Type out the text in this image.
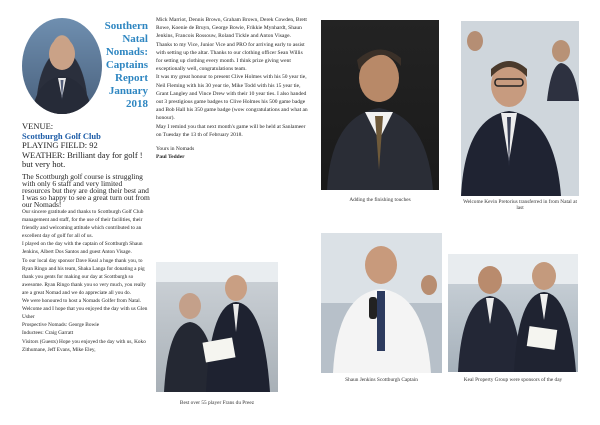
Southern
Natal
Nomads:
Captains
Report
January
2018
VENUE:
Scottburgh Golf Club
PLAYING FIELD: 92
WEATHER: Brilliant day for golf ! but very hot.

The Scottburgh golf course is struggling with only 6 staff and very limited resources but they are doing their best and I was so happy to see a great turn out from our Nomads!

Our sincere gratitude and thanks to Scottburgh Golf Club management and staff, for the use of their facilities, their friendly and welcoming attitude which contributed to an excellent day of golf for all of us.

I played on the day with the captain of Scottburgh Shaun Jenkins, Albert Dos Santos and guest Anton Visage.

To our local day sponsor Dave Keal a huge thank you, to Ryan Ringo and his team, Shaka Langa for donating a pig thank you gents for making our day at Scottburgh so awesome. Ryan Ringo thank you so very much, you really are a great Nomad and we do appreciate all you do.

We were honoured to host a Nomads Golfer from Natal. Welcome and I hope that you enjoyed the day with us Glen Usher

Prospective Nomads: George Bowie

Inductees: Craig Garratt

Visitors (Guests) Hope you enjoyed the day with us, Koko Zithumane, Jeff Evans, Mike Eley,

Mick Marriot, Dennis Brown, Graham Brown, Derek Cowden, Brett Rowe, Koenie de Bruyn, George Bowie, Frikkie Mynhardt, Shaun Jenkins, Francois Rossouw, Roland Tickle and Anton Visage.

Thanks to my Vice, Junior Vice and PRO for arriving early to assist with setting up the altar. Thanks to our clothing officer Sean Willis for setting up clothing every month. I think prize giving went exceptionally well, congratulations team.

It was my great honour to present Clive Holmes with his 50 year tie, Neil Fleming with his 30 year tie, Mike Todd with his 15 year tie, Grant Langley and Vince Drew with their 10 year ties. I also handed out 3 prestigious game badges to Clive Holmes his 500 game badge and Bob Hall his 350 game badge (wow congratulations and what an honour).

May I remind you that next month's game will be held at Sanlameer on Tuesday the 13 th of February 2018.

Yours in Nomads

Paul Tedder

Best over 55 player Frans du Preez
Adding the finishing touches	Welcome Kevin Pretorius transferred in from Natal at last
Shaun Jenkins Scottburgh Captain	Keal Property Group were sponsors of the day
